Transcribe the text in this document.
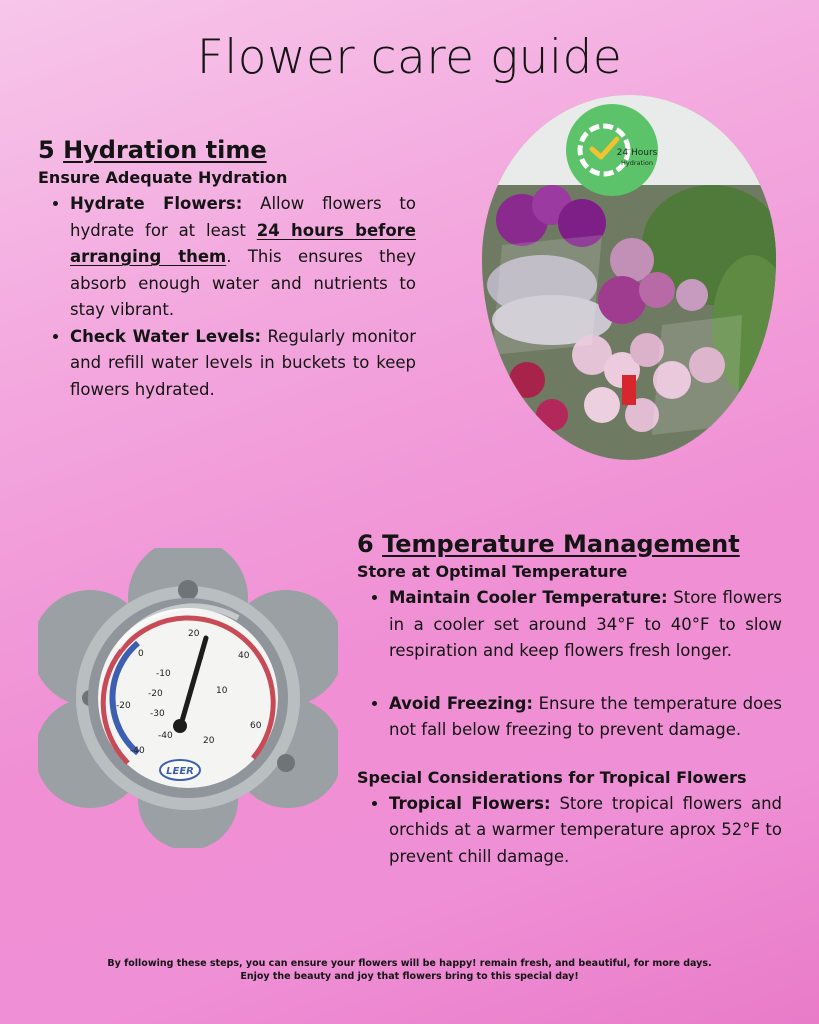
Flower care guide
5 Hydration time
Ensure Adequate Hydration
• Hydrate Flowers: Allow flowers to hydrate for at least 24 hours before arranging them. This ensures they absorb enough water and nutrients to stay vibrant.
• Check Water Levels: Regularly monitor and refill water levels in buckets to keep flowers hydrated.
24 Hours
Hydration
6 Temperature Management
Store at Optimal Temperature
• Maintain Cooler Temperature: Store flowers in a cooler set around 34°F to 40°F to slow respiration and keep flowers fresh longer.
• Avoid Freezing: Ensure the temperature does not fall below freezing to prevent damage.
Special Considerations for Tropical Flowers
• Tropical Flowers: Store tropical flowers and orchids at a warmer temperature aprox 52°F to prevent chill damage.
-40
-20
0
20
40
60
-40
-30
-20
-10
10
20
LEER
By following these steps, you can ensure your flowers will be happy! remain fresh, and beautiful, for more days.
Enjoy the beauty and joy that flowers bring to this special day!
